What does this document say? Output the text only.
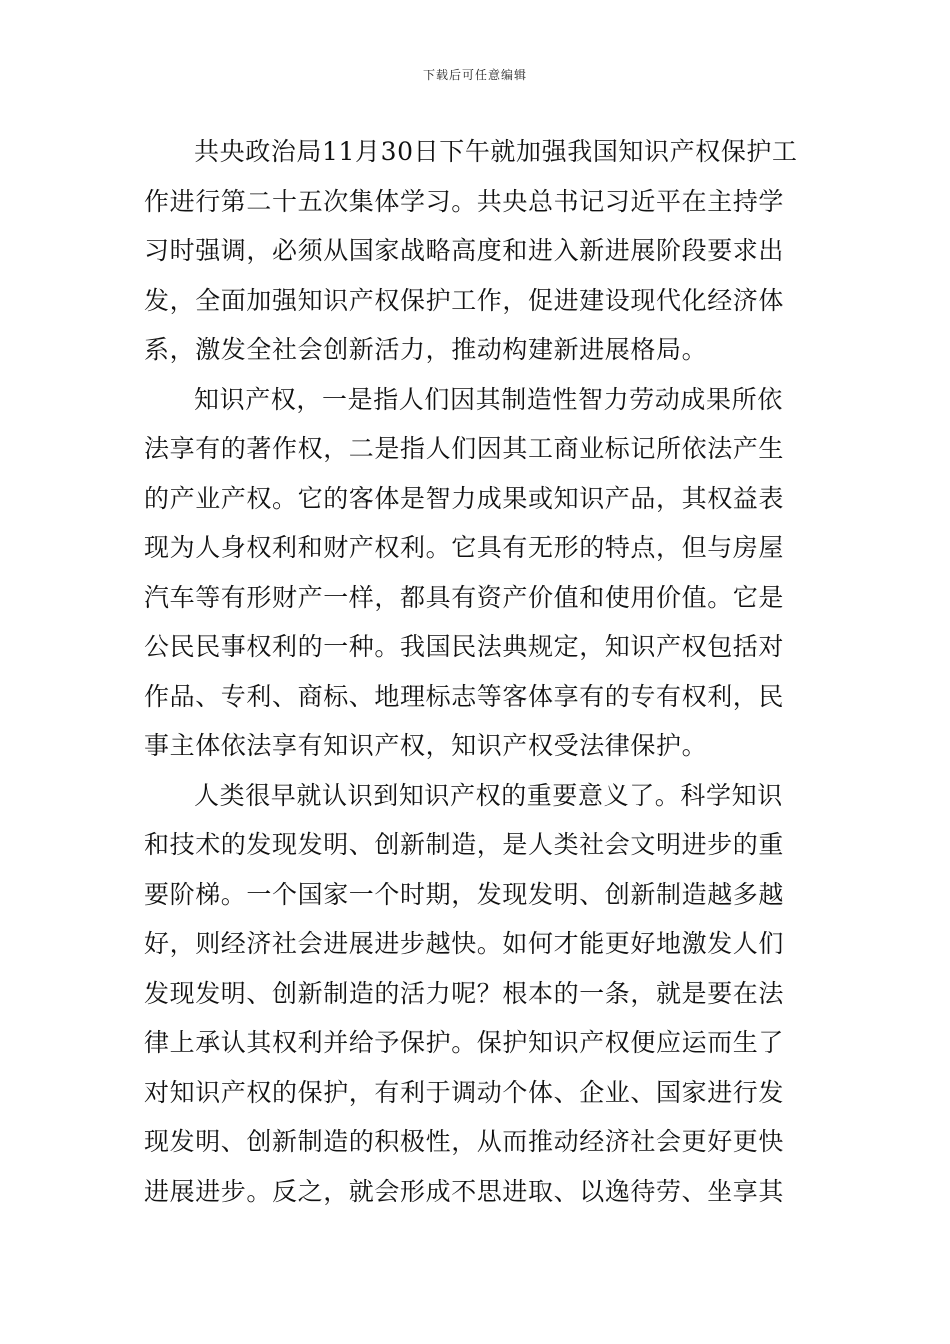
下载后可任意编辑
共央政治局11月30日下午就加强我国知识产权保护工
作进行第二十五次集体学习。共央总书记习近平在主持学
习时强调，必须从国家战略高度和进入新进展阶段要求出
发，全面加强知识产权保护工作，促进建设现代化经济体
系，激发全社会创新活力，推动构建新进展格局。
知识产权，一是指人们因其制造性智力劳动成果所依
法享有的著作权，二是指人们因其工商业标记所依法产生
的产业产权。它的客体是智力成果或知识产品，其权益表
现为人身权利和财产权利。它具有无形的特点，但与房屋
汽车等有形财产一样，都具有资产价值和使用价值。它是
公民民事权利的一种。我国民法典规定，知识产权包括对
作品、专利、商标、地理标志等客体享有的专有权利，民
事主体依法享有知识产权，知识产权受法律保护。
人类很早就认识到知识产权的重要意义了。科学知识
和技术的发现发明、创新制造，是人类社会文明进步的重
要阶梯。一个国家一个时期，发现发明、创新制造越多越
好，则经济社会进展进步越快。如何才能更好地激发人们
发现发明、创新制造的活力呢？根本的一条，就是要在法
律上承认其权利并给予保护。保护知识产权便应运而生了
对知识产权的保护，有利于调动个体、企业、国家进行发
现发明、创新制造的积极性，从而推动经济社会更好更快
进展进步。反之，就会形成不思进取、以逸待劳、坐享其
